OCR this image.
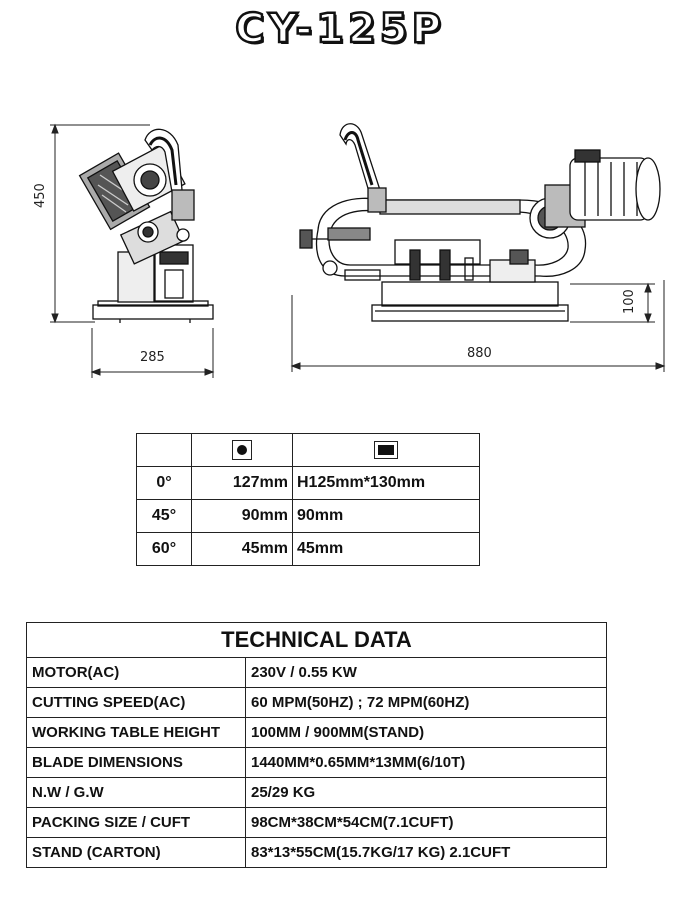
CY-125P
450
285	880
100

0°	127mm	H125mm*130mm
45°	90mm	90mm
60°	45mm	45mm
TECHNICAL DATA	
MOTOR(AC)	230V / 0.55 KW
CUTTING SPEED(AC)	60 MPM(50HZ) ; 72 MPM(60HZ)
WORKING TABLE HEIGHT	100MM / 900MM(STAND)
BLADE DIMENSIONS	1440MM*0.65MM*13MM(6/10T)
N.W / G.W	25/29 KG
PACKING SIZE / CUFT	98CM*38CM*54CM(7.1CUFT)
STAND (CARTON)	83*13*55CM(15.7KG/17 KG) 2.1CUFT
